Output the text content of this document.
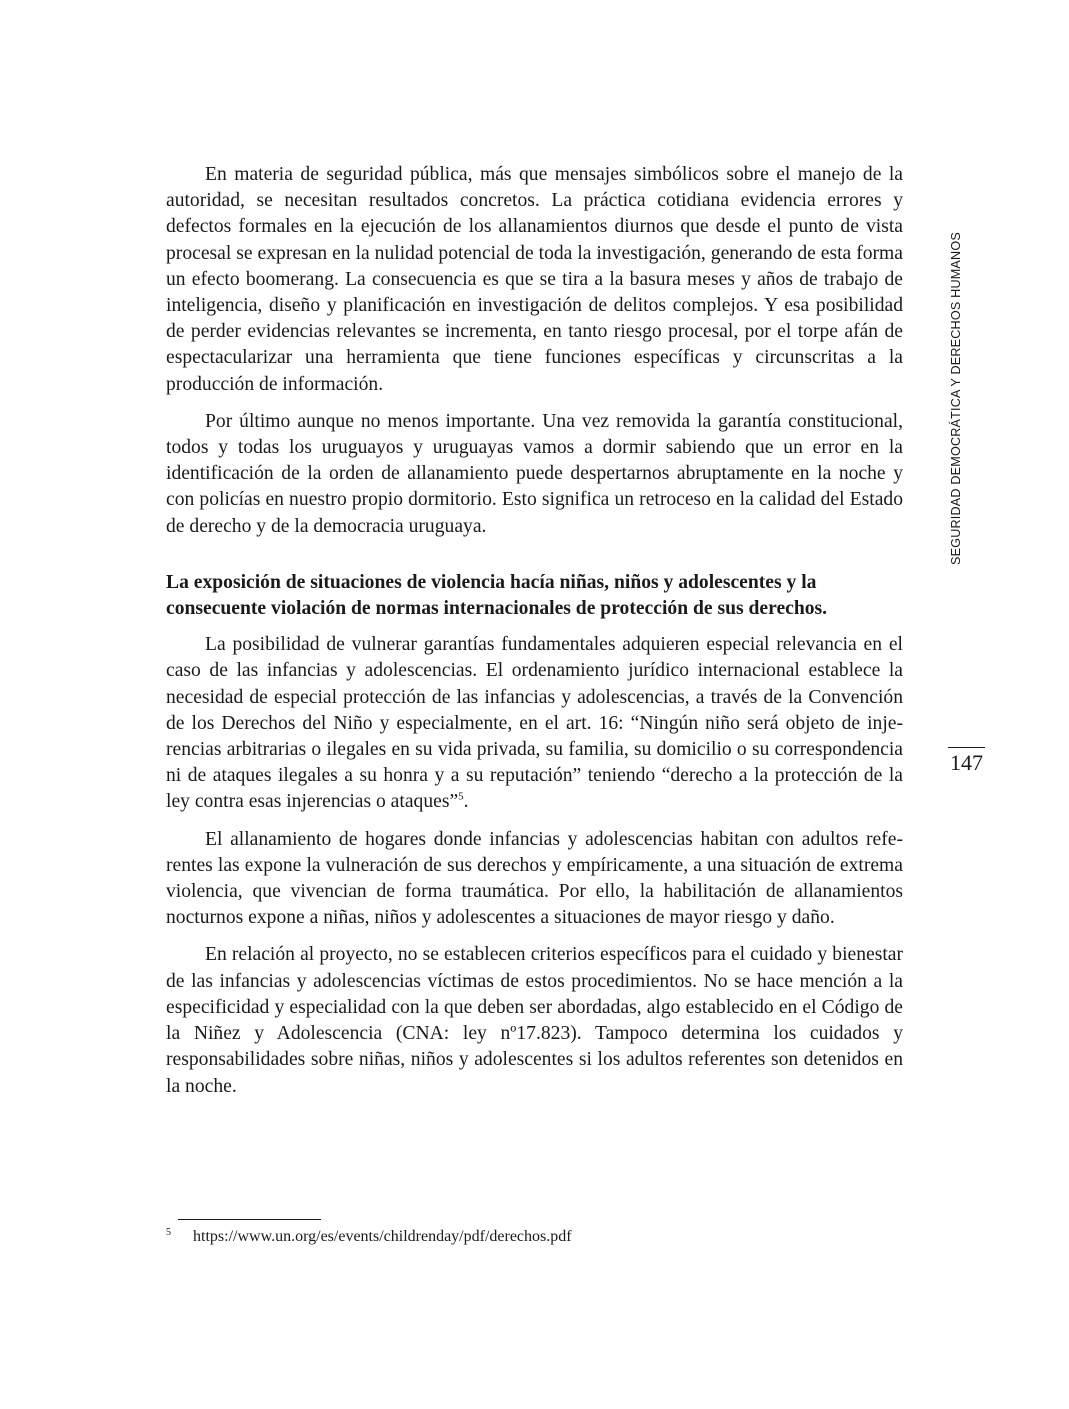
En materia de seguridad pública, más que mensajes simbólicos sobre el manejo de la autoridad, se necesitan resultados concretos. La práctica cotidiana evidencia errores y defectos formales en la ejecución de los allanamientos diurnos que desde el punto de vista procesal se expresan en la nulidad potencial de toda la investigación, generando de esta forma un efecto boomerang. La consecuencia es que se tira a la basura meses y años de trabajo de inteligencia, diseño y planificación en investigación de delitos complejos. Y esa posibilidad de perder evidencias relevantes se incrementa, en tanto riesgo procesal, por el torpe afán de espectacularizar una herramienta que tiene funciones específicas y circunscritas a la producción de información.

Por último aunque no menos importante. Una vez removida la garantía constitucional, todos y todas los uruguayos y uruguayas vamos a dormir sabiendo que un error en la identificación de la orden de allanamiento puede despertarnos abruptamente en la noche y con policías en nuestro propio dormitorio. Esto significa un retroceso en la calidad del Estado de derecho y de la democracia uruguaya.

La exposición de situaciones de violencia hacía niñas, niños y adolescentes y la consecuente violación de normas internacionales de protección de sus derechos.

La posibilidad de vulnerar garantías fundamentales adquieren especial relevancia en el caso de las infancias y adolescencias. El ordenamiento jurídico internacional establece la necesidad de especial protección de las infancias y adolescencias, a través de la Convención de los Derechos del Niño y especialmente, en el art. 16: “Ningún niño será objeto de injerencias arbitrarias o ilegales en su vida privada, su familia, su domicilio o su correspondencia ni de ataques ilegales a su honra y a su reputación” teniendo “derecho a la protección de la ley contra esas injerencias o ataques”$^5$.

El allanamiento de hogares donde infancias y adolescencias habitan con adultos referentes las expone la vulneración de sus derechos y empíricamente, a una situación de extrema violencia, que vivencian de forma traumática. Por ello, la habilitación de allanamientos nocturnos expone a niñas, niños y adolescentes a situaciones de mayor riesgo y daño.

En relación al proyecto, no se establecen criterios específicos para el cuidado y bienestar de las infancias y adolescencias víctimas de estos procedimientos. No se hace mención a la especificidad y especialidad con la que deben ser abordadas, algo establecido en el Código de la Niñez y Adolescencia (CNA: ley nº17.823). Tampoco determina los cuidados y responsabilidades sobre niñas, niños y adolescentes si los adultos referentes son detenidos en la noche.

SEGURIDAD DEMOCRÁTICA Y DERECHOS HUMANOS
147
5 https://www.un.org/es/events/childrenday/pdf/derechos.pdf
